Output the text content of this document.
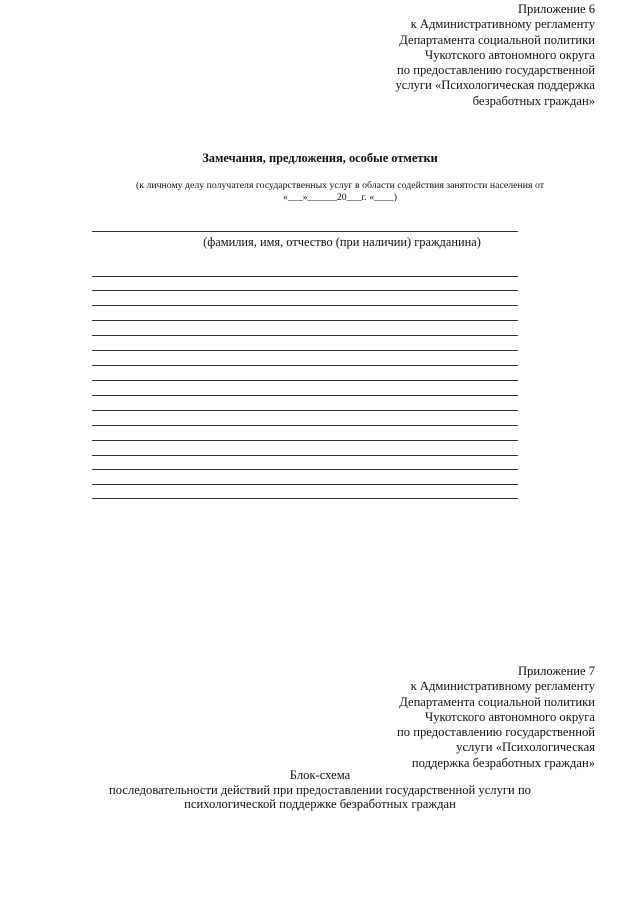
Приложение 6
к Административному регламенту
Департамента социальной политики
Чукотского автономного округа
по предоставлению государственной
услуги «Психологическая поддержка
безработных граждан»
Замечания, предложения, особые отметки
(к личному делу получателя государственных услуг в области содействия занятости населения от
«___»______20___г. «____)
(фамилия, имя, отчество (при наличии) гражданина)
Приложение 7
к Административному регламенту
Департамента социальной политики
Чукотского автономного округа
по предоставлению государственной
услуги «Психологическая
поддержка безработных граждан»
Блок-схема
последовательности действий при предоставлении государственной услуги по
психологической поддержке безработных граждан
